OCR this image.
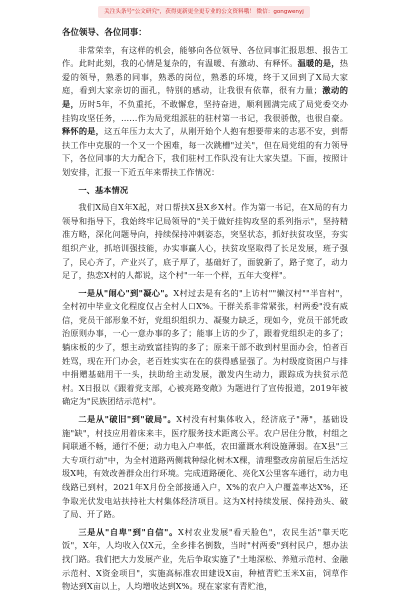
关注头条号"公文研究"，获得更新更全更专业的公文资料哦！ 微信：gongwenyj
各位领导、各位同事：

非常荣幸，有这样的机会，能够向各位领导、各位同事汇报思想、报告工作。此时此刻，我的心情是复杂的，有温暖、有激动、有释怀。温暖的是，热爱的领导，熟悉的同事，熟悉的岗位，熟悉的环境，终于又回到了X局大家庭，看到大家亲切的面孔，特别的感动，让我很有依靠，很有力量；激动的是，历时5年，不负重托，不敢懈怠，坚持奋进，顺利圆满完成了局党委交办挂钩攻坚任务，……作为局党组派驻的驻村第一书记，我很骄傲，也很自豪。释怀的是，这五年压力太大了，从刚开始个人抱有想要带来的志恶不安，到帮扶工作中克服的一个又一个困难，每一次跳槽"过关"，但在局党组的有力领导下，各位同事的大力配合下，我们驻村工作队没有让大家失望。下面，按照计划安排，汇报一下近五年来帮扶工作情况：

一、基本情况

我们X局自X年X起，对口帮扶X县X乡X村。作为第一书记，在X局的有力领导和指导下，我始终牢记局领导的"关于做好挂钩攻坚的系列指示"，坚持精准方略，深化问题导向，持续保持冲刺姿态，突坚状态，抓好扶贫攻坚，夯实组织产业，抓培训强技能，办实事赢人心，扶贫攻坚取得了长足发展，班子强了，民心齐了，产业兴了，底子厚了，基础好了，面貌新了，路子宽了，动力足了，热恋X村的人都说，这个村"一年一个样，五年大变样"。

一是从"闹心"到"凝心"。X村过去是有名的"上访村""懒汉村""半盲村"，全村初中毕业文化程度仅占全村人口X%。干群关系非常紧张，村两委"没有威信，党员干部形象不好，党组织组织力、凝聚力缺乏，现如今，党员干部凭政治原则办事，一心一意办事的多了；能事上访的少了，跟着党组织走的多了；躺床板的少了，想主动致富挂钩的多了；原来干部不敢到村里面办会，怕者百姓骂，现在开门办会，老百姓实实在在的获得感显强了。为村级度资困户与排中捐赠基础用干一头，扶助给主动发展，激发内生动力，跟踪成为扶贫示范村。X日报以《跟着党支部，心被亮路变敞》为题进行了宣传报道，2019年被确定为"民族团结示范村"。

二是从"破旧"到"破局"。X村没有村集体收入，经济底子"薄"，基础设施"缺"，村技应用着床来丰，医疗服务技术距离公平。农户居住分散，村组之间联通不畅，通行不便；动力电入户率低，农田灌溉水利设施薄弱。在X县"三大专项行动"中，为全村道路两侧栽种绿化树木X棵，清理整改房前屋后生活垃圾X吨，有效改善群众出行环境。完成道路硬化、亮化X公里客车通行，动力电线路已到村，2021年X月份全部接通入户，X%的农户入户覆盖率达X%，还争取光伏发电站扶持社大村集体经济项目。这为X村持续发展、保持劲头、破了局、开了路。

三是从"自卑"到"自信"。X村农业发展"看天脸色"，农民生活"靠天吃饭"，X年，人均收入仅X元，全乡排名倒数，当时"村两委"到村民户，想办法找门路。我们把大力发展产业，先后争取实施了"土地深松、养殖示范村、金融示范村、X资金项目"，实施高标准农田建设X亩，种植青贮玉米X亩，饲草作物达到X亩以上，人均增收达到X%。现在家家有青贮池，
